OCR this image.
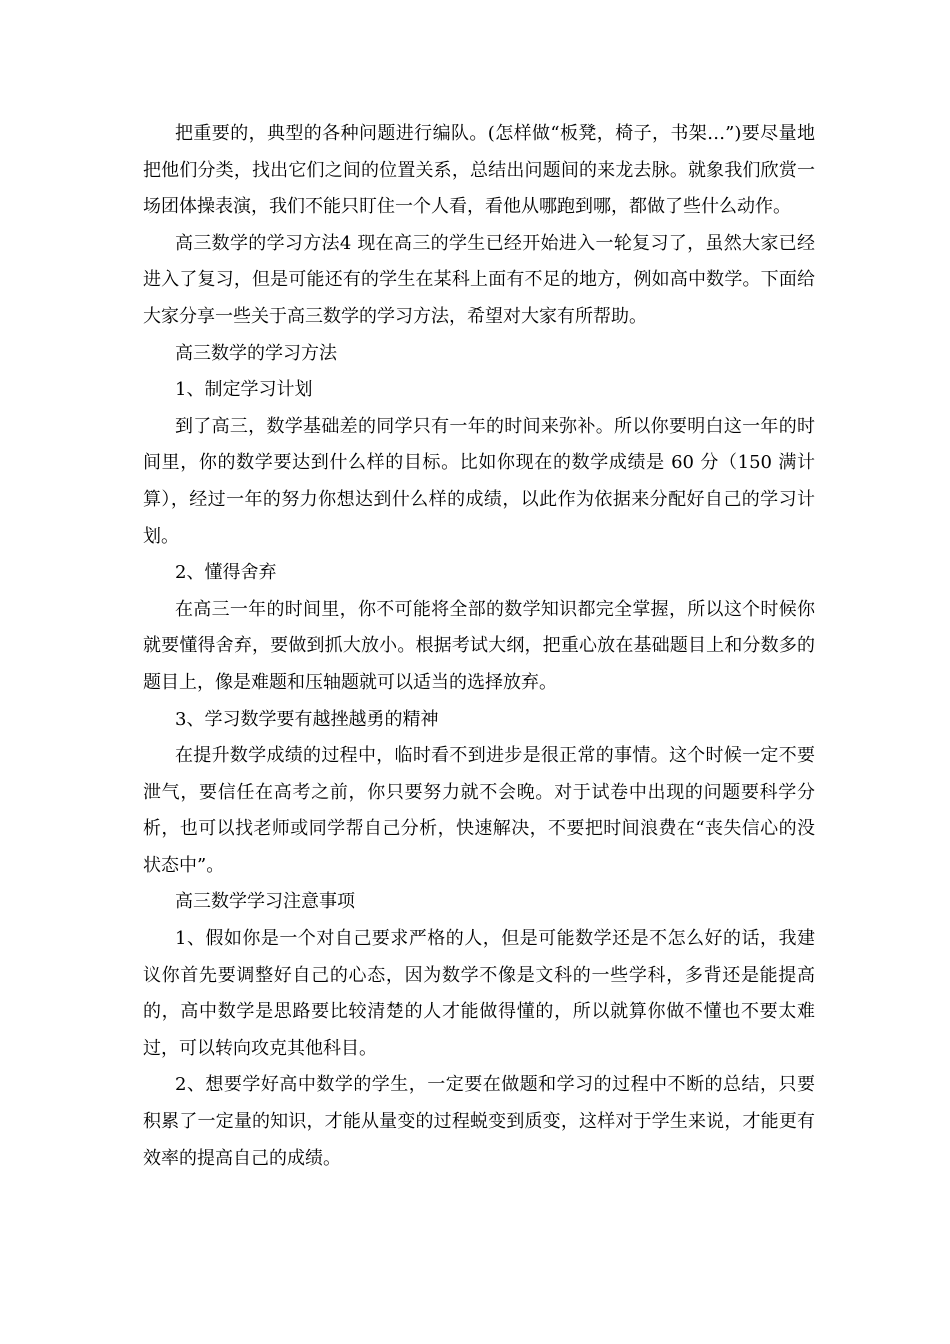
把重要的，典型的各种问题进行编队。(怎样做“板凳，椅子，书架…”)要尽量地把他们分类，找出它们之间的位置关系，总结出问题间的来龙去脉。就象我们欣赏一场团体操表演，我们不能只盯住一个人看，看他从哪跑到哪，都做了些什么动作。

高三数学的学习方法4 现在高三的学生已经开始进入一轮复习了，虽然大家已经进入了复习，但是可能还有的学生在某科上面有不足的地方，例如高中数学。下面给大家分享一些关于高三数学的学习方法，希望对大家有所帮助。

高三数学的学习方法

1、制定学习计划

到了高三，数学基础差的同学只有一年的时间来弥补。所以你要明白这一年的时间里，你的数学要达到什么样的目标。比如你现在的数学成绩是 60 分（150 满计算），经过一年的努力你想达到什么样的成绩，以此作为依据来分配好自己的学习计划。

2、懂得舍弃

在高三一年的时间里，你不可能将全部的数学知识都完全掌握，所以这个时候你就要懂得舍弃，要做到抓大放小。根据考试大纲，把重心放在基础题目上和分数多的题目上，像是难题和压轴题就可以适当的选择放弃。

3、学习数学要有越挫越勇的精神

在提升数学成绩的过程中，临时看不到进步是很正常的事情。这个时候一定不要泄气，要信任在高考之前，你只要努力就不会晚。对于试卷中出现的问题要科学分析，也可以找老师或同学帮自己分析，快速解决，不要把时间浪费在“丧失信心的没状态中”。

高三数学学习注意事项

1、假如你是一个对自己要求严格的人，但是可能数学还是不怎么好的话，我建议你首先要调整好自己的心态，因为数学不像是文科的一些学科，多背还是能提高的，高中数学是思路要比较清楚的人才能做得懂的，所以就算你做不懂也不要太难过，可以转向攻克其他科目。

2、想要学好高中数学的学生，一定要在做题和学习的过程中不断的总结，只要积累了一定量的知识，才能从量变的过程蜕变到质变，这样对于学生来说，才能更有效率的提高自己的成绩。
